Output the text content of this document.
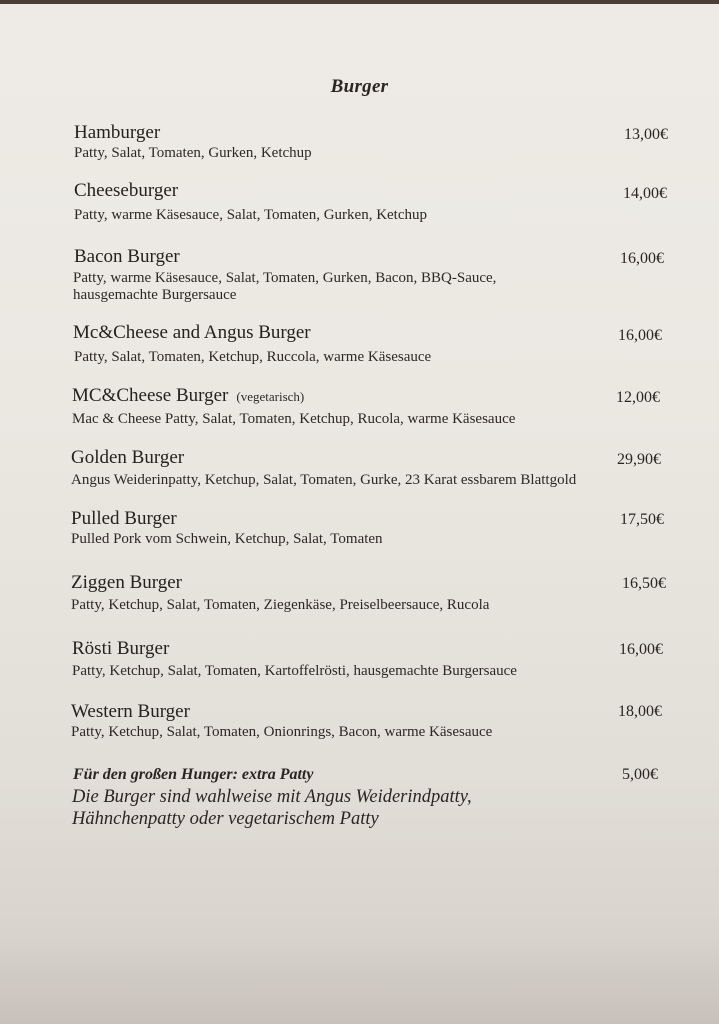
Burger
Hamburger
Patty, Salat, Tomaten, Gurken, Ketchup
13,00€
Cheeseburger
Patty, warme Käsesauce, Salat, Tomaten, Gurken, Ketchup
14,00€
Bacon Burger
Patty, warme Käsesauce, Salat, Tomaten, Gurken, Bacon, BBQ-Sauce,
hausgemachte Burgersauce
16,00€
Mc&Cheese and Angus Burger
Patty, Salat, Tomaten, Ketchup, Ruccola, warme Käsesauce
16,00€
MC&Cheese Burger (vegetarisch)
Mac & Cheese Patty, Salat, Tomaten, Ketchup, Rucola, warme Käsesauce
12,00€
Golden Burger
Angus Weiderinpatty, Ketchup, Salat, Tomaten, Gurke, 23 Karat essbarem Blattgold
29,90€
Pulled Burger
Pulled Pork vom Schwein, Ketchup, Salat, Tomaten
17,50€
Ziggen Burger
Patty, Ketchup, Salat, Tomaten, Ziegenkäse, Preiselbeersauce, Rucola
16,50€
Rösti Burger
Patty, Ketchup, Salat, Tomaten, Kartoffelrösti, hausgemachte Burgersauce
16,00€
Western Burger
Patty, Ketchup, Salat, Tomaten, Onionrings, Bacon, warme Käsesauce
18,00€
Für den großen Hunger: extra Patty	5,00€
Die Burger sind wahlweise mit Angus Weiderindpatty,
Hähnchenpatty oder vegetarischem Patty
